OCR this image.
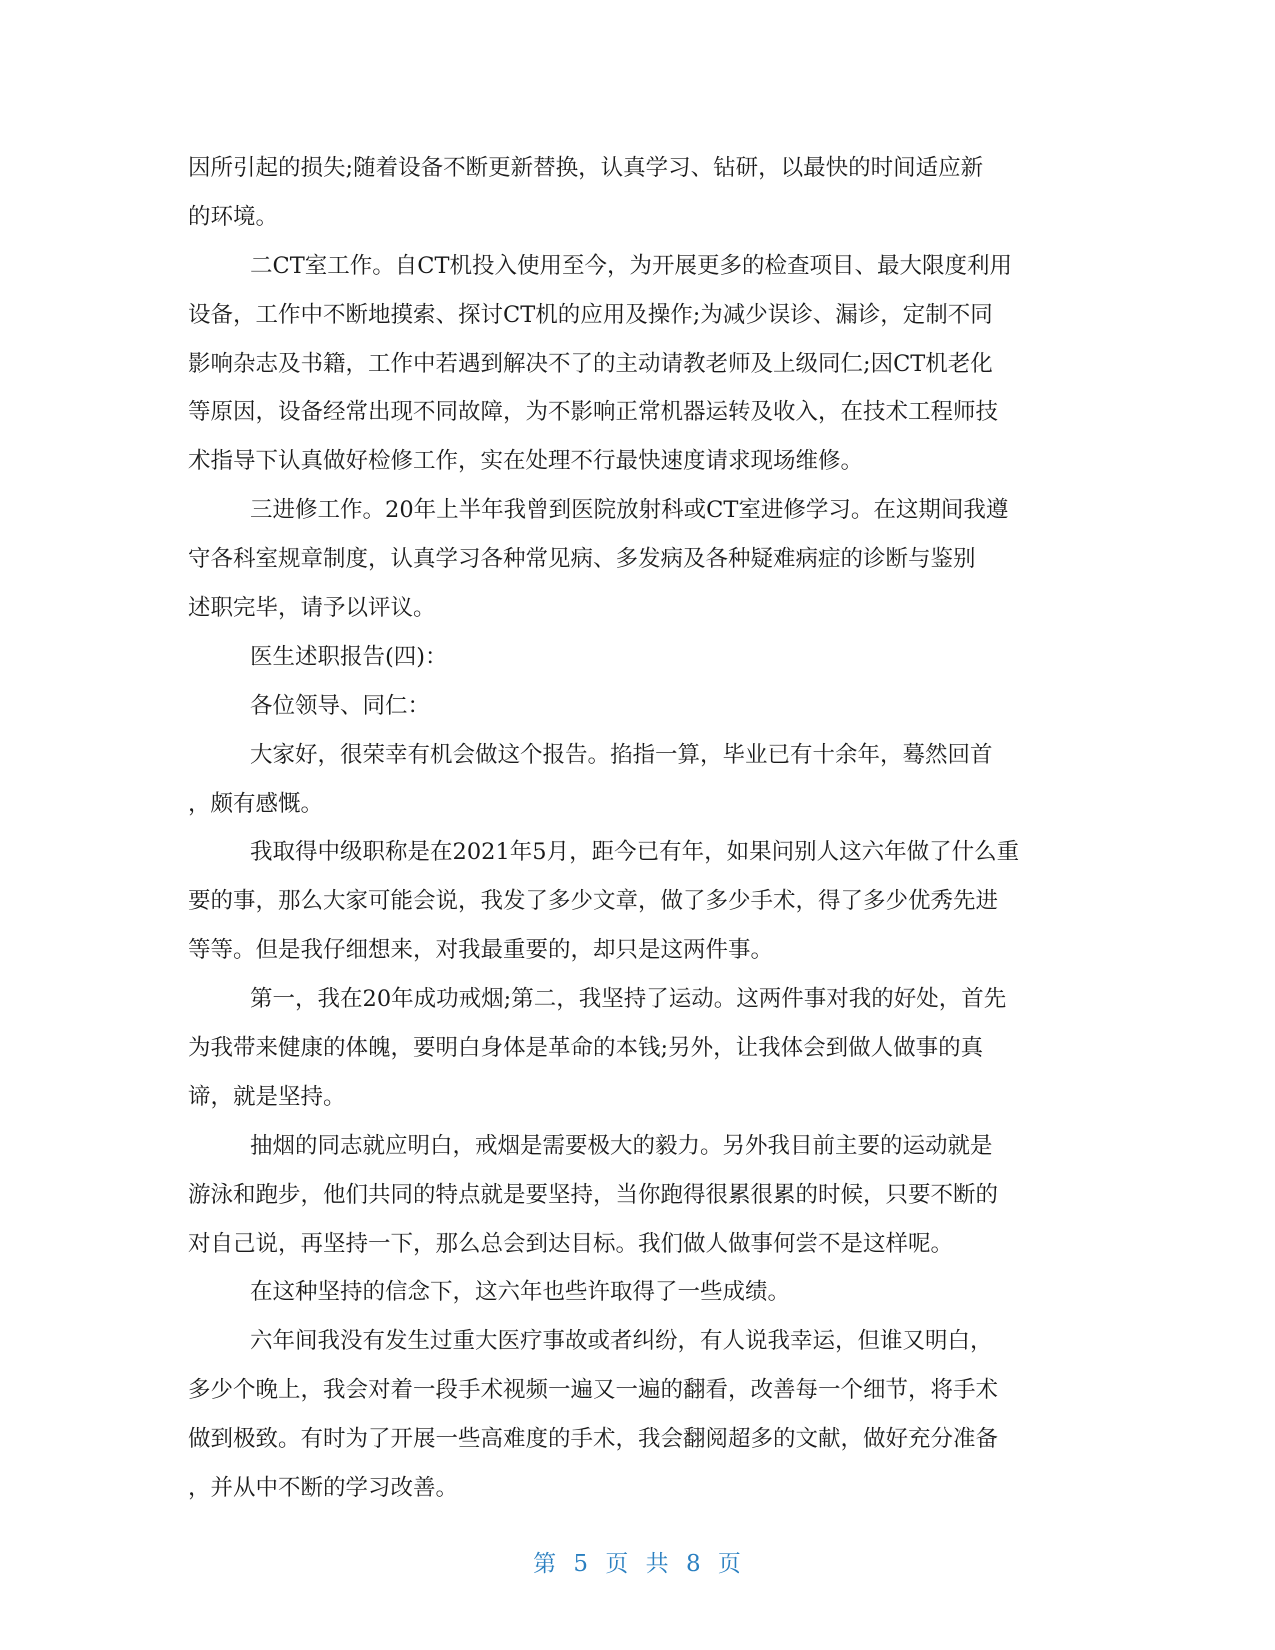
因所引起的损失;随着设备不断更新替换，认真学习、钻研，以最快的时间适应新
的环境。
二CT室工作。自CT机投入使用至今，为开展更多的检查项目、最大限度利用
设备，工作中不断地摸索、探讨CT机的应用及操作;为减少误诊、漏诊，定制不同
影响杂志及书籍，工作中若遇到解决不了的主动请教老师及上级同仁;因CT机老化
等原因，设备经常出现不同故障，为不影响正常机器运转及收入，在技术工程师技
术指导下认真做好检修工作，实在处理不行最快速度请求现场维修。
三进修工作。20年上半年我曾到医院放射科或CT室进修学习。在这期间我遵
守各科室规章制度，认真学习各种常见病、多发病及各种疑难病症的诊断与鉴别
述职完毕，请予以评议。
医生述职报告(四)：
各位领导、同仁：
大家好，很荣幸有机会做这个报告。掐指一算，毕业已有十余年，蓦然回首
，颇有感慨。
我取得中级职称是在2021年5月，距今已有年，如果问别人这六年做了什么重
要的事，那么大家可能会说，我发了多少文章，做了多少手术，得了多少优秀先进
等等。但是我仔细想来，对我最重要的，却只是这两件事。
第一，我在20年成功戒烟;第二，我坚持了运动。这两件事对我的好处，首先
为我带来健康的体魄，要明白身体是革命的本钱;另外，让我体会到做人做事的真
谛，就是坚持。
抽烟的同志就应明白，戒烟是需要极大的毅力。另外我目前主要的运动就是
游泳和跑步，他们共同的特点就是要坚持，当你跑得很累很累的时候，只要不断的
对自己说，再坚持一下，那么总会到达目标。我们做人做事何尝不是这样呢。
在这种坚持的信念下，这六年也些许取得了一些成绩。
六年间我没有发生过重大医疗事故或者纠纷，有人说我幸运，但谁又明白，
多少个晚上，我会对着一段手术视频一遍又一遍的翻看，改善每一个细节，将手术
做到极致。有时为了开展一些高难度的手术，我会翻阅超多的文献，做好充分准备
，并从中不断的学习改善。
第 5 页 共 8 页
